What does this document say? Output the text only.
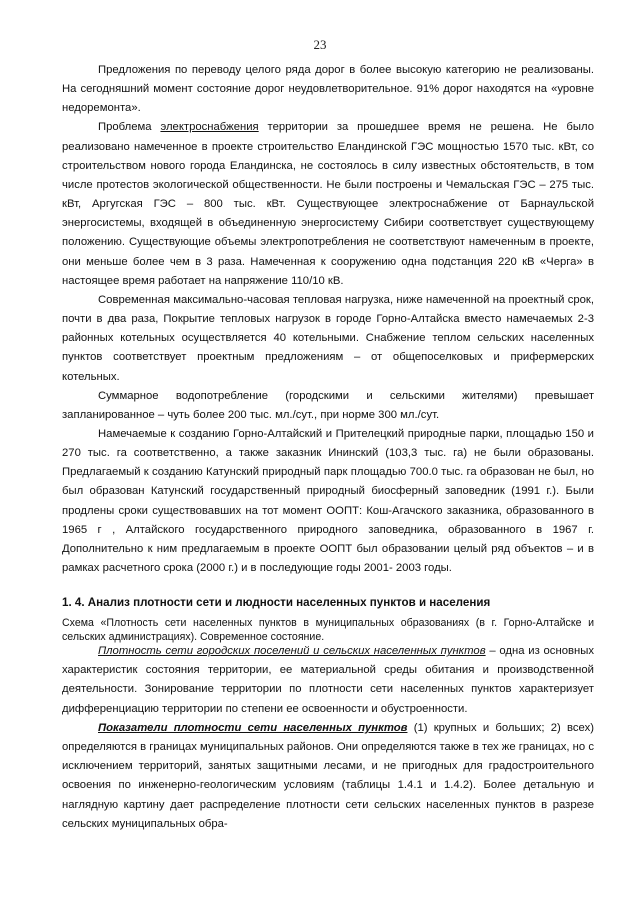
23

Предложения по переводу целого ряда дорог в более высокую категорию не реализованы. На сегодняшний момент состояние дорог неудовлетворительное. 91% дорог находятся на «уровне недоремонта».

Проблема электроснабжения территории за прошедшее время не решена. Не было реализовано намеченное в проекте строительство Еландинской ГЭС мощностью 1570 тыс. кВт, со строительством нового города Еландинска, не состоялось в силу известных обстоятельств, в том числе протестов экологической общественности. Не были построены и Чемальская ГЭС – 275 тыс. кВт, Аргугская ГЭС – 800 тыс. кВт. Существующее электроснабжение от Барнаульской энергосистемы, входящей в объединенную энергосистему Сибири соответствует существующему положению. Существующие объемы электропотребления не соответствуют намеченным в проекте, они меньше более чем в 3 раза. Намеченная к сооружению одна подстанция 220 кВ «Черга» в настоящее время работает на напряжение 110/10 кВ.

Современная максимально-часовая тепловая нагрузка, ниже намеченной на проектный срок, почти в два раза, Покрытие тепловых нагрузок в городе Горно-Алтайска вместо намечаемых 2-3 районных котельных осуществляется 40 котельными. Снабжение теплом сельских населенных пунктов соответствует проектным предложениям – от общепоселковых и прифермерских котельных.

Суммарное водопотребление (городскими и сельскими жителями) превышает запланированное – чуть более 200 тыс. мл./сут., при норме 300 мл./сут.

Намечаемые к созданию Горно-Алтайский и Прителецкий природные парки, площадью 150 и 270 тыс. га соответственно, а также заказник Ининский (103,3 тыс. га) не были образованы. Предлагаемый к созданию Катунский природный парк площадью 700.0 тыс. га образован не был, но был образован Катунский государственный природный биосферный заповедник (1991 г.). Были продлены сроки существовавших на тот момент ООПТ: Кош-Агачского заказника, образованного в 1965 г , Алтайского государственного природного заповедника, образованного в 1967 г. Дополнительно к ним предлагаемым в проекте ООПТ был образовании целый ряд объектов – и в рамках расчетного срока (2000 г.) и в последующие годы 2001- 2003 годы.

1. 4. Анализ плотности сети и людности населенных пунктов и населения
Схема «Плотность сети населенных пунктов в муниципальных образованиях (в г. Горно-Алтайске и сельских администрациях). Современное состояние.

Плотность сети городских поселений и сельских населенных пунктов – одна из основных характеристик состояния территории, ее материальной среды обитания и производственной деятельности. Зонирование территории по плотности сети населенных пунктов характеризует дифференциацию территории по степени ее освоенности и обустроенности.

Показатели плотности сети населенных пунктов (1) крупных и больших; 2) всех) определяются в границах муниципальных районов. Они определяются также в тех же границах, но с исключением территорий, занятых защитными лесами, и не пригодных для градостроительного освоения по инженерно-геологическим условиям (таблицы 1.4.1 и 1.4.2). Более детальную и наглядную картину дает распределение плотности сети сельских населенных пунктов в разрезе сельских муниципальных обра-
